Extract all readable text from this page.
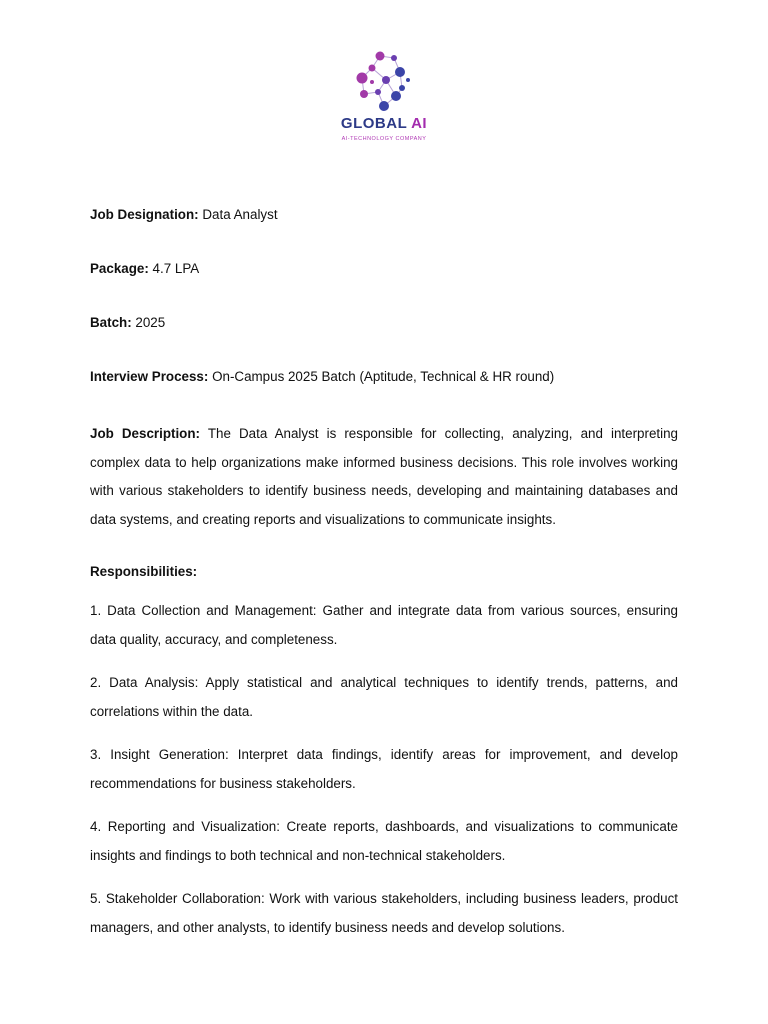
GLOBAL AI
AI-TECHNOLOGY COMPANY

Job Designation: Data Analyst

Package: 4.7 LPA

Batch: 2025

Interview Process: On-Campus 2025 Batch (Aptitude, Technical & HR round)

Job Description: The Data Analyst is responsible for collecting, analyzing, and interpreting complex data to help organizations make informed business decisions. This role involves working with various stakeholders to identify business needs, developing and maintaining databases and data systems, and creating reports and visualizations to communicate insights.

Responsibilities:

1. Data Collection and Management: Gather and integrate data from various sources, ensuring data quality, accuracy, and completeness.

2. Data Analysis: Apply statistical and analytical techniques to identify trends, patterns, and correlations within the data.

3. Insight Generation: Interpret data findings, identify areas for improvement, and develop recommendations for business stakeholders.

4. Reporting and Visualization: Create reports, dashboards, and visualizations to communicate insights and findings to both technical and non-technical stakeholders.

5. Stakeholder Collaboration: Work with various stakeholders, including business leaders, product managers, and other analysts, to identify business needs and develop solutions.
